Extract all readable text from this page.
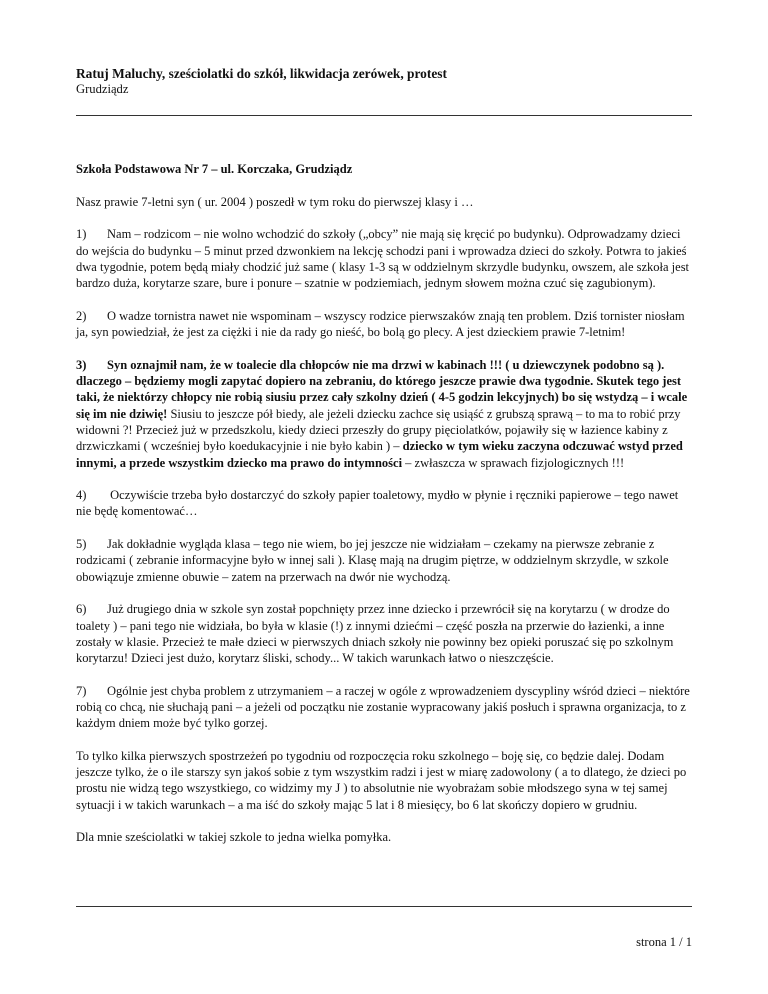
Ratuj Maluchy, sześciolatki do szkół, likwidacja zerówek, protest
Grudziądz

Szkoła Podstawowa Nr 7 – ul. Korczaka, Grudziądz

Nasz prawie 7-letni syn ( ur. 2004 ) poszedł w tym roku do pierwszej klasy i …

1) Nam – rodzicom – nie wolno wchodzić do szkoły („obcy” nie mają się kręcić po budynku). Odprowadzamy dzieci do wejścia do budynku – 5 minut przed dzwonkiem na lekcję schodzi pani i wprowadza dzieci do szkoły. Potwra to jakieś dwa tygodnie, potem będą miały chodzić już same ( klasy 1-3 są w oddzielnym skrzydle budynku, owszem, ale szkoła jest bardzo duża, korytarze szare, bure i ponure – szatnie w podziemiach, jednym słowem można czuć się zagubionym).

2) O wadze tornistra nawet nie wspominam – wszyscy rodzice pierwszaków znają ten problem. Dziś tornister niosłam ja, syn powiedział, że jest za ciężki i nie da rady go nieść, bo bolą go plecy. A jest dzieckiem prawie 7-letnim!

3) Syn oznajmił nam, że w toalecie dla chłopców nie ma drzwi w kabinach !!! ( u dziewczynek podobno są ). dlaczego – będziemy mogli zapytać dopiero na zebraniu, do którego jeszcze prawie dwa tygodnie. Skutek tego jest taki, że niektórzy chłopcy nie robią siusiu przez cały szkolny dzień ( 4-5 godzin lekcyjnych) bo się wstydzą – i wcale się im nie dziwię! Siusiu to jeszcze pół biedy, ale jeżeli dziecku zachce się usiąść z grubszą sprawą – to ma to robić przy widowni ?! Przecież już w przedszkolu, kiedy dzieci przeszły do grupy pięciolatków, pojawiły się w łazience kabiny z drzwiczkami ( wcześniej było koedukacyjnie i nie było kabin ) – dziecko w tym wieku zaczyna odczuwać wstyd przed innymi, a przede wszystkim dziecko ma prawo do intymności – zwłaszcza w sprawach fizjologicznych !!!

4) Oczywiście trzeba było dostarczyć do szkoły papier toaletowy, mydło w płynie i ręczniki papierowe – tego nawet nie będę komentować…

5) Jak dokładnie wygląda klasa – tego nie wiem, bo jej jeszcze nie widziałam – czekamy na pierwsze zebranie z rodzicami ( zebranie informacyjne było w innej sali ). Klasę mają na drugim piętrze, w oddzielnym skrzydle, w szkole obowiązuje zmienne obuwie – zatem na przerwach na dwór nie wychodzą.

6) Już drugiego dnia w szkole syn został popchnięty przez inne dziecko i przewrócił się na korytarzu ( w drodze do toalety ) – pani tego nie widziała, bo była w klasie (!) z innymi dziećmi – część poszła na przerwie do łazienki, a inne zostały w klasie. Przecież te małe dzieci w pierwszych dniach szkoły nie powinny bez opieki poruszać się po szkolnym korytarzu! Dzieci jest dużo, korytarz śliski, schody... W takich warunkach łatwo o nieszczęście.

7) Ogólnie jest chyba problem z utrzymaniem – a raczej w ogóle z wprowadzeniem dyscypliny wśród dzieci – niektóre robią co chcą, nie słuchają pani – a jeżeli od początku nie zostanie wypracowany jakiś posłuch i sprawna organizacja, to z każdym dniem może być tylko gorzej.

To tylko kilka pierwszych spostrzeżeń po tygodniu od rozpoczęcia roku szkolnego – boję się, co będzie dalej. Dodam jeszcze tylko, że o ile starszy syn jakoś sobie z tym wszystkim radzi i jest w miarę zadowolony ( a to dlatego, że dzieci po prostu nie widzą tego wszystkiego, co widzimy my J ) to absolutnie nie wyobrażam sobie młodszego syna w tej samej sytuacji i w takich warunkach – a ma iść do szkoły mając 5 lat i 8 miesięcy, bo 6 lat skończy dopiero w grudniu.

Dla mnie sześciolatki w takiej szkole to jedna wielka pomyłka.

strona 1 / 1
